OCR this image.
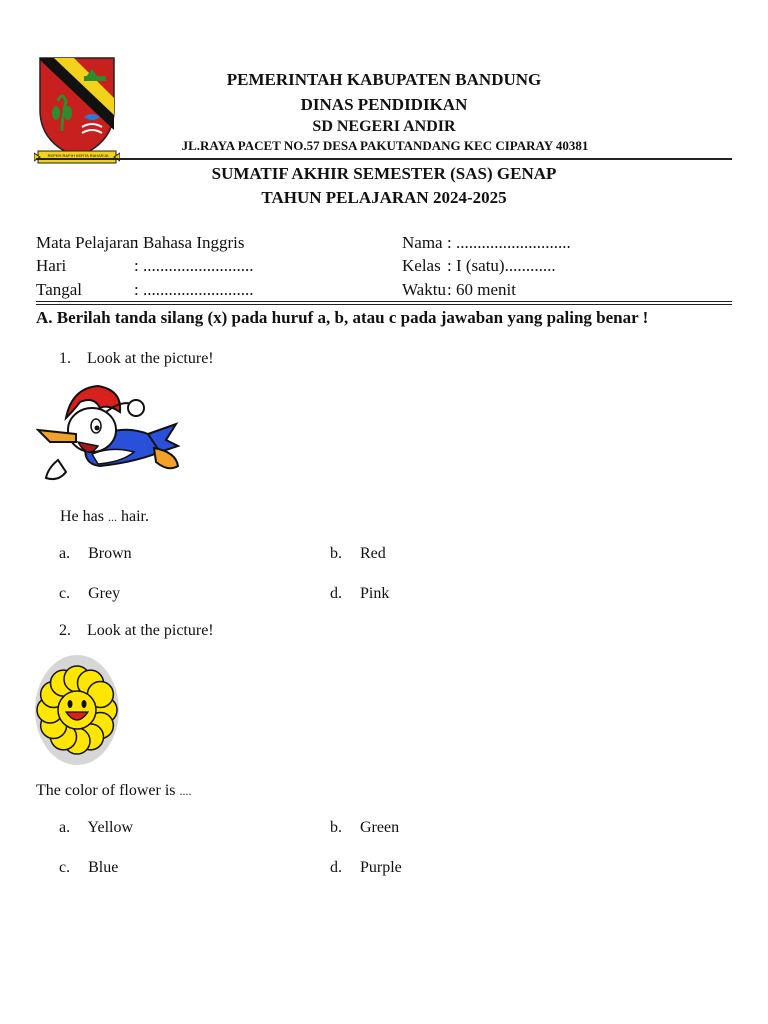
REPEH RAPIH KERTA RAHARJA
PEMERINTAH KABUPATEN BANDUNG
DINAS PENDIDIKAN
SD NEGERI ANDIR
JL.RAYA PACET NO.57 DESA PAKUTANDANG KEC CIPARAY 40381
SUMATIF AKHIR SEMESTER (SAS) GENAP
TAHUN PELAJARAN 2024-2025
Mata Pelajaran
: Bahasa Inggris
Hari	: ..........................
Tangal	: ..........................
Nama : ...........................
Kelas : I (satu)............
Waktu : 60 menit
A. Berilah tanda silang (x) pada huruf a, b, atau c pada jawaban yang paling benar !
1. Look at the picture!
He has ... hair.
a. Brown	b. Red
c. Grey	d. Pink
2. Look at the picture!
The color of flower is ....
a. Yellow	b. Green
c. Blue	d. Purple
